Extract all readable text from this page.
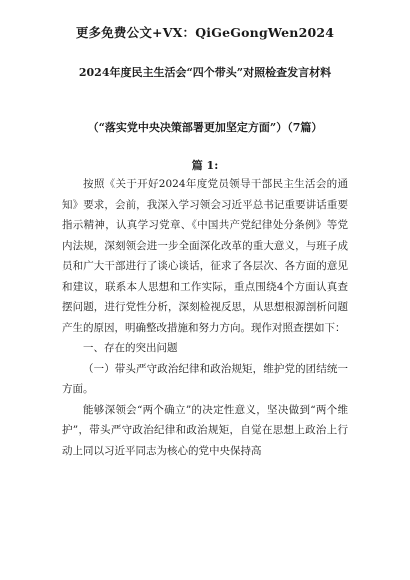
更多免费公文+VX：QiGeGongWen2024
2024年度民主生活会“四个带头”对照检查发言材料
（“落实党中央决策部署更加坚定方面”）（7篇）
篇 1:

按照《关于开好2024年度党员领导干部民主生活会的通知》要求，会前，我深入学习领会习近平总书记重要讲话重要指示精神，认真学习党章、《中国共产党纪律处分条例》等党内法规，深刻领会进一步全面深化改革的重大意义，与班子成员和广大干部进行了谈心谈话，征求了各层次、各方面的意见和建议，联系本人思想和工作实际，重点围绕4个方面认真查摆问题，进行党性分析，深刻检视反思，从思想根源剖析问题产生的原因，明确整改措施和努力方向。现作对照查摆如下：

一、存在的突出问题

（一）带头严守政治纪律和政治规矩，维护党的团结统一方面。

能够深领会“两个确立”的决定性意义，坚决做到“两个维护”，带头严守政治纪律和政治规矩，自觉在思想上政治上行动上同以习近平同志为核心的党中央保持高
